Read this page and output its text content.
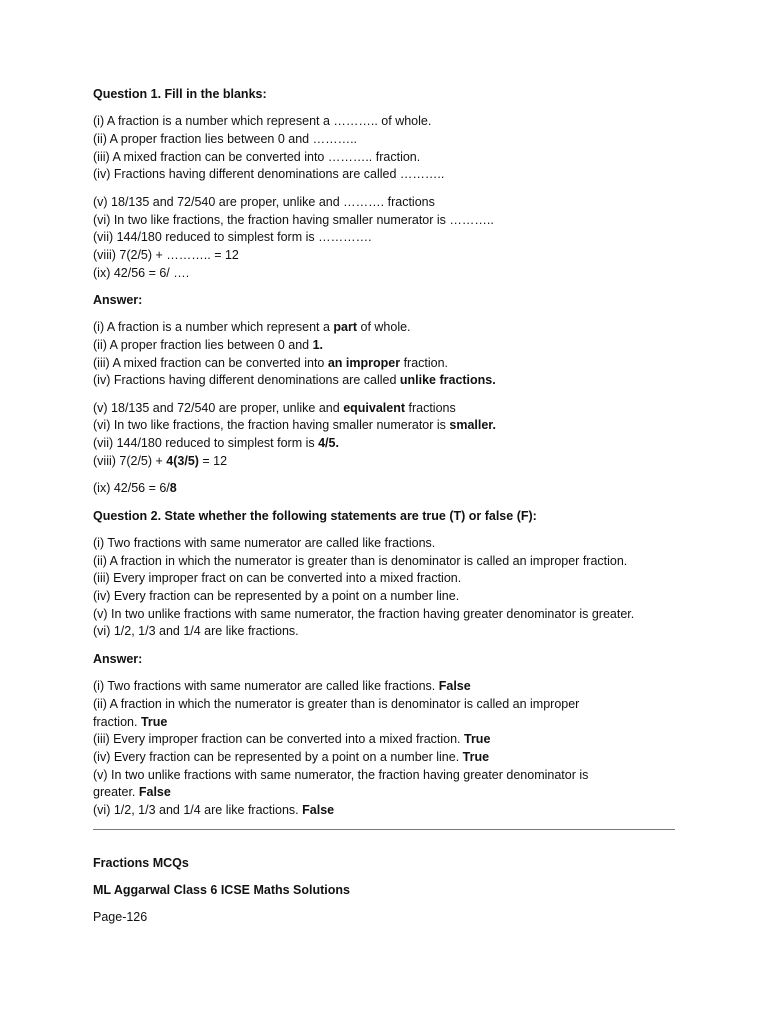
Question 1. Fill in the blanks:
(i) A fraction is a number which represent a ……….. of whole.
(ii) A proper fraction lies between 0 and ………..
(iii) A mixed fraction can be converted into ……….. fraction.
(iv) Fractions having different denominations are called ………..
(v) 18/135 and 72/540 are proper, unlike and ………. fractions
(vi) In two like fractions, the fraction having smaller numerator is ………..
(vii) 144/180 reduced to simplest form is ………….
(viii) 7(2/5) + ……….. = 12
(ix) 42/56 = 6/ ….
Answer:
(i) A fraction is a number which represent a part of whole.
(ii) A proper fraction lies between 0 and 1.
(iii) A mixed fraction can be converted into an improper fraction.
(iv) Fractions having different denominations are called unlike fractions.
(v) 18/135 and 72/540 are proper, unlike and equivalent fractions
(vi) In two like fractions, the fraction having smaller numerator is smaller.
(vii) 144/180 reduced to simplest form is 4/5.
(viii) 7(2/5) + 4(3/5) = 12
(ix) 42/56 = 6/8
Question 2. State whether the following statements are true (T) or false (F):
(i) Two fractions with same numerator are called like fractions.
(ii) A fraction in which the numerator is greater than is denominator is called an improper fraction.
(iii) Every improper fract on can be converted into a mixed fraction.
(iv) Every fraction can be represented by a point on a number line.
(v) In two unlike fractions with same numerator, the fraction having greater denominator is greater.
(vi) 1/2, 1/3 and 1/4 are like fractions.
Answer:
(i) Two fractions with same numerator are called like fractions. False
(ii) A fraction in which the numerator is greater than is denominator is called an improper
fraction. True
(iii) Every improper fraction can be converted into a mixed fraction. True
(iv) Every fraction can be represented by a point on a number line. True
(v) In two unlike fractions with same numerator, the fraction having greater denominator is
greater. False
(vi) 1/2, 1/3 and 1/4 are like fractions. False
Fractions MCQs
ML Aggarwal Class 6 ICSE Maths Solutions
Page-126
